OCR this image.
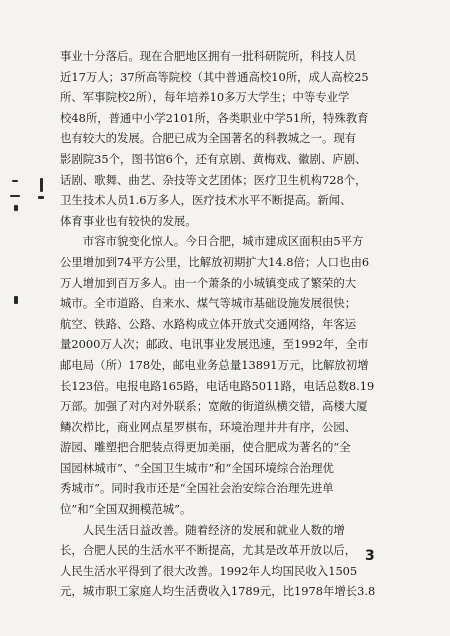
事业十分落后。现在合肥地区拥有一批科研院所，科技人员
近17万人；37所高等院校（其中普通高校10所，成人高校25
所、军事院校2所），每年培养10多万大学生；中等专业学
校48所，普通中小学2101所，各类职业中学51所，特殊教育
也有较大的发展。合肥已成为全国著名的科教城之一。现有
影剧院35个，图书馆6个，还有京剧、黄梅戏、徽剧、庐剧、
话剧、歌舞、曲艺、杂技等文艺团体；医疗卫生机构728个，
卫生技术人员1.6万多人，医疗技术水平不断提高。新闻、
体育事业也有较快的发展。

市容市貌变化惊人。今日合肥，城市建成区面积由5平方
公里增加到74平方公里，比解放初期扩大14.8倍；人口也由6
万人增加到百万多人。由一个萧条的小城镇变成了繁荣的大
城市。全市道路、自来水、煤气等城市基础设施发展很快；
航空、铁路、公路、水路构成立体开放式交通网络，年客运
量2000万人次；邮政、电讯事业发展迅速，至1992年，全市
邮电局（所）178处，邮电业务总量13891万元，比解放初增
长123倍。电报电路165路，电话电路5011路，电话总数8.19
万部。加强了对内对外联系；宽敞的街道纵横交错，高楼大厦
鳞次栉比，商业网点星罗棋布，环境治理井井有序，公园、
游园、雕塑把合肥装点得更加美丽，使合肥成为著名的“全
国园林城市”、“全国卫生城市”和“全国环境综合治理优
秀城市”。同时我市还是“全国社会治安综合治理先进单
位”和“全国双拥模范城”。

人民生活日益改善。随着经济的发展和就业人数的增
长，合肥人民的生活水平不断提高，尤其是改革开放以后，
人民生活水平得到了很大改善。1992年人均国民收入1505
元，城市职工家庭人均生活费收入1789元，比1978年增长3.8

3
